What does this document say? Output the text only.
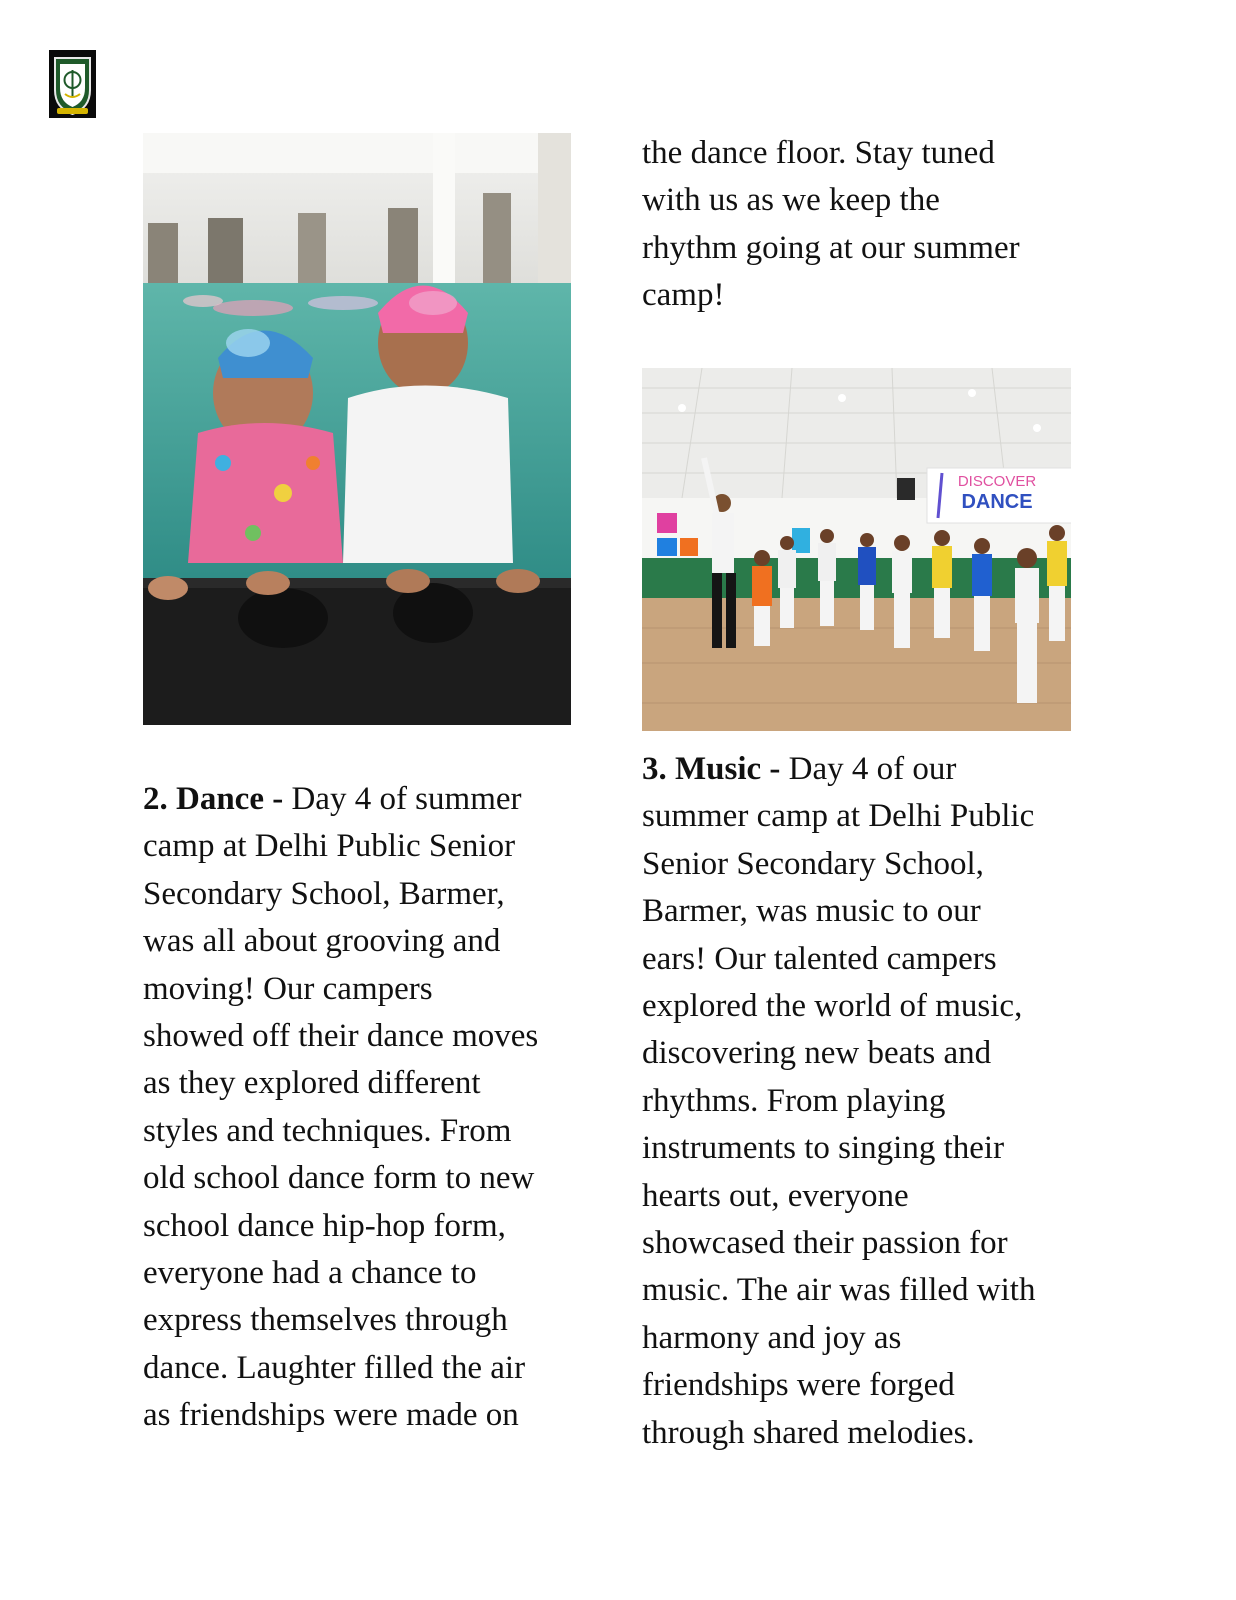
the dance floor. Stay tuned
with us as we keep the
rhythm going at our summer
camp!
DISCOVER
DANCE
2. Dance - Day 4 of summer
camp at Delhi Public Senior
Secondary School, Barmer,
was all about grooving and
moving! Our campers
showed off their dance moves
as they explored different
styles and techniques. From
old school dance form to new
school dance hip-hop form,
everyone had a chance to
express themselves through
dance. Laughter filled the air
as friendships were made on
3. Music - Day 4 of our
summer camp at Delhi Public
Senior Secondary School,
Barmer, was music to our
ears! Our talented campers
explored the world of music,
discovering new beats and
rhythms. From playing
instruments to singing their
hearts out, everyone
showcased their passion for
music. The air was filled with
harmony and joy as
friendships were forged
through shared melodies.
